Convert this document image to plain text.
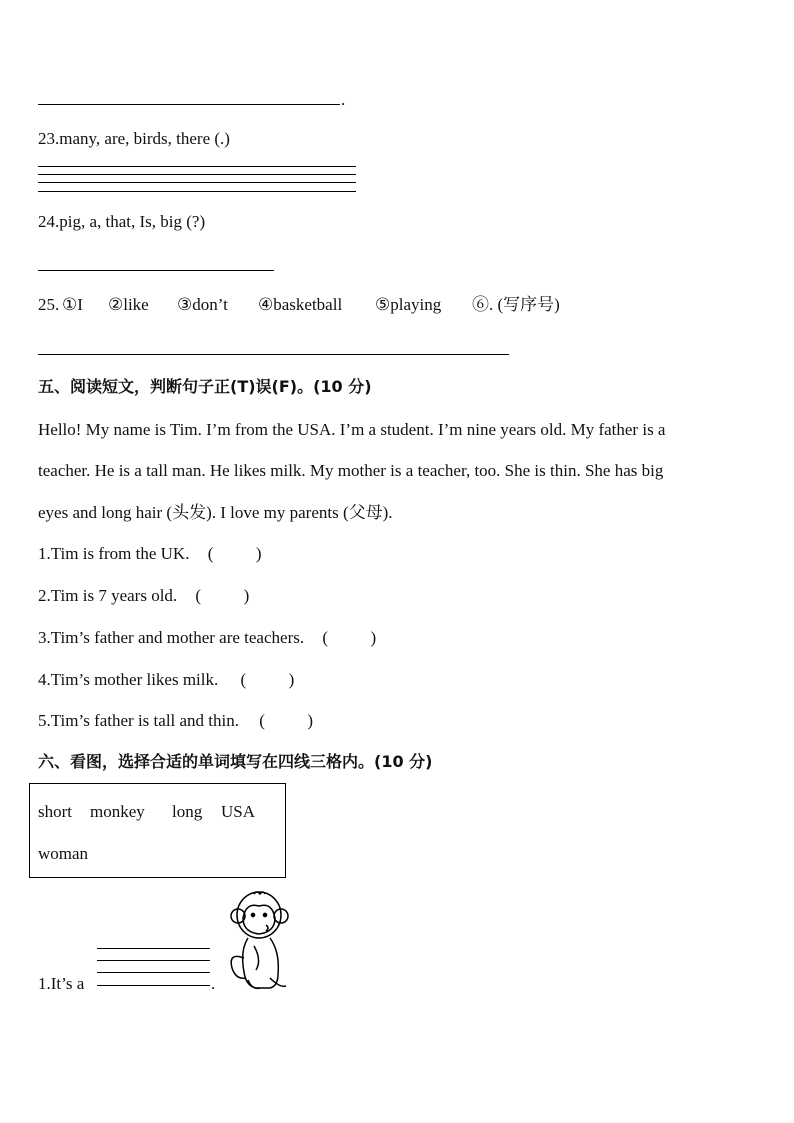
.
23.many, are, birds, there (.)
24.pig, a, that, Is, big (?)
25. ①I ②like ③don’t ④basketball ⑤playing ⑥. (写序号)
五、阅读短文，判断句子正(T)误(F)。(10 分)
Hello! My name is Tim. I’m from the USA. I’m a student. I’m nine years old. My father is a
teacher. He is a tall man. He likes milk. My mother is a teacher, too. She is thin. She has big
eyes and long hair (头发). I love my parents (父母).
1.Tim is from the UK. (          )
2.Tim is 7 years old. (          )
3.Tim’s father and mother are teachers. (          )
4.Tim’s mother likes milk. (          )
5.Tim’s father is tall and thin. (          )
六、看图，选择合适的单词填写在四线三格内。(10 分)
short monkey long USA
woman
1.It’s a	.
